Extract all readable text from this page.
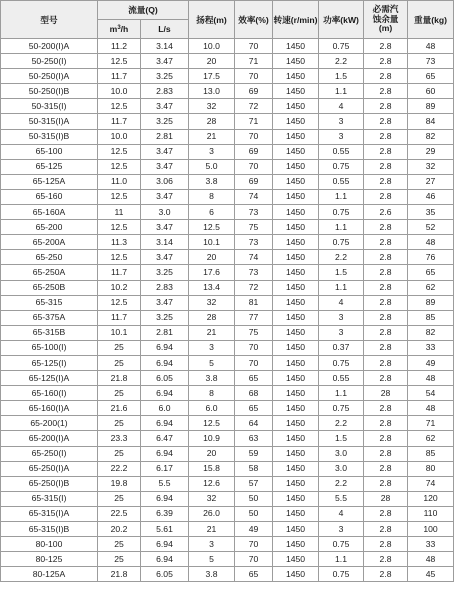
型号	流量(Q)		扬程(m)	效率(%)	转速(r/min)	功率(kW)	必需汽
蚀余量
(m)	重量(kg)
	$m^3/h$	L/s						
50-200(I)A	11.2	3.14	10.0	70	1450	0.75	2.8	48
50-250(I)	12.5	3.47	20	71	1450	2.2	2.8	73
50-250(I)A	11.7	3.25	17.5	70	1450	1.5	2.8	65
50-250(I)B	10.0	2.83	13.0	69	1450	1.1	2.8	60
50-315(I)	12.5	3.47	32	72	1450	4	2.8	89
50-315(I)A	11.7	3.25	28	71	1450	3	2.8	84
50-315(I)B	10.0	2.81	21	70	1450	3	2.8	82
65-100	12.5	3.47	3	69	1450	0.55	2.8	29
65-125	12.5	3.47	5.0	70	1450	0.75	2.8	32
65-125A	11.0	3.06	3.8	69	1450	0.55	2.8	27
65-160	12.5	3.47	8	74	1450	1.1	2.8	46
65-160A	11	3.0	6	73	1450	0.75	2.6	35
65-200	12.5	3.47	12.5	75	1450	1.1	2.8	52
65-200A	11.3	3.14	10.1	73	1450	0.75	2.8	48
65-250	12.5	3.47	20	74	1450	2.2	2.8	76
65-250A	11.7	3.25	17.6	73	1450	1.5	2.8	65
65-250B	10.2	2.83	13.4	72	1450	1.1	2.8	62
65-315	12.5	3.47	32	81	1450	4	2.8	89
65-375A	11.7	3.25	28	77	1450	3	2.8	85
65-315B	10.1	2.81	21	75	1450	3	2.8	82
65-100(I)	25	6.94	3	70	1450	0.37	2.8	33
65-125(I)	25	6.94	5	70	1450	0.75	2.8	49
65-125(I)A	21.8	6.05	3.8	65	1450	0.55	2.8	48
65-160(I)	25	6.94	8	68	1450	1.1	28	54
65-160(I)A	21.6	6.0	6.0	65	1450	0.75	2.8	48
65-200(1)	25	6.94	12.5	64	1450	2.2	2.8	71
65-200(I)A	23.3	6.47	10.9	63	1450	1.5	2.8	62
65-250(I)	25	6.94	20	59	1450	3.0	2.8	85
65-250(I)A	22.2	6.17	15.8	58	1450	3.0	2.8	80
65-250(I)B	19.8	5.5	12.6	57	1450	2.2	2.8	74
65-315(I)	25	6.94	32	50	1450	5.5	28	120
65-315(I)A	22.5	6.39	26.0	50	1450	4	2.8	110
65-315(I)B	20.2	5.61	21	49	1450	3	2.8	100
80-100	25	6.94	3	70	1450	0.75	2.8	33
80-125	25	6.94	5	70	1450	1.1	2.8	48
80-125A	21.8	6.05	3.8	65	1450	0.75	2.8	45
